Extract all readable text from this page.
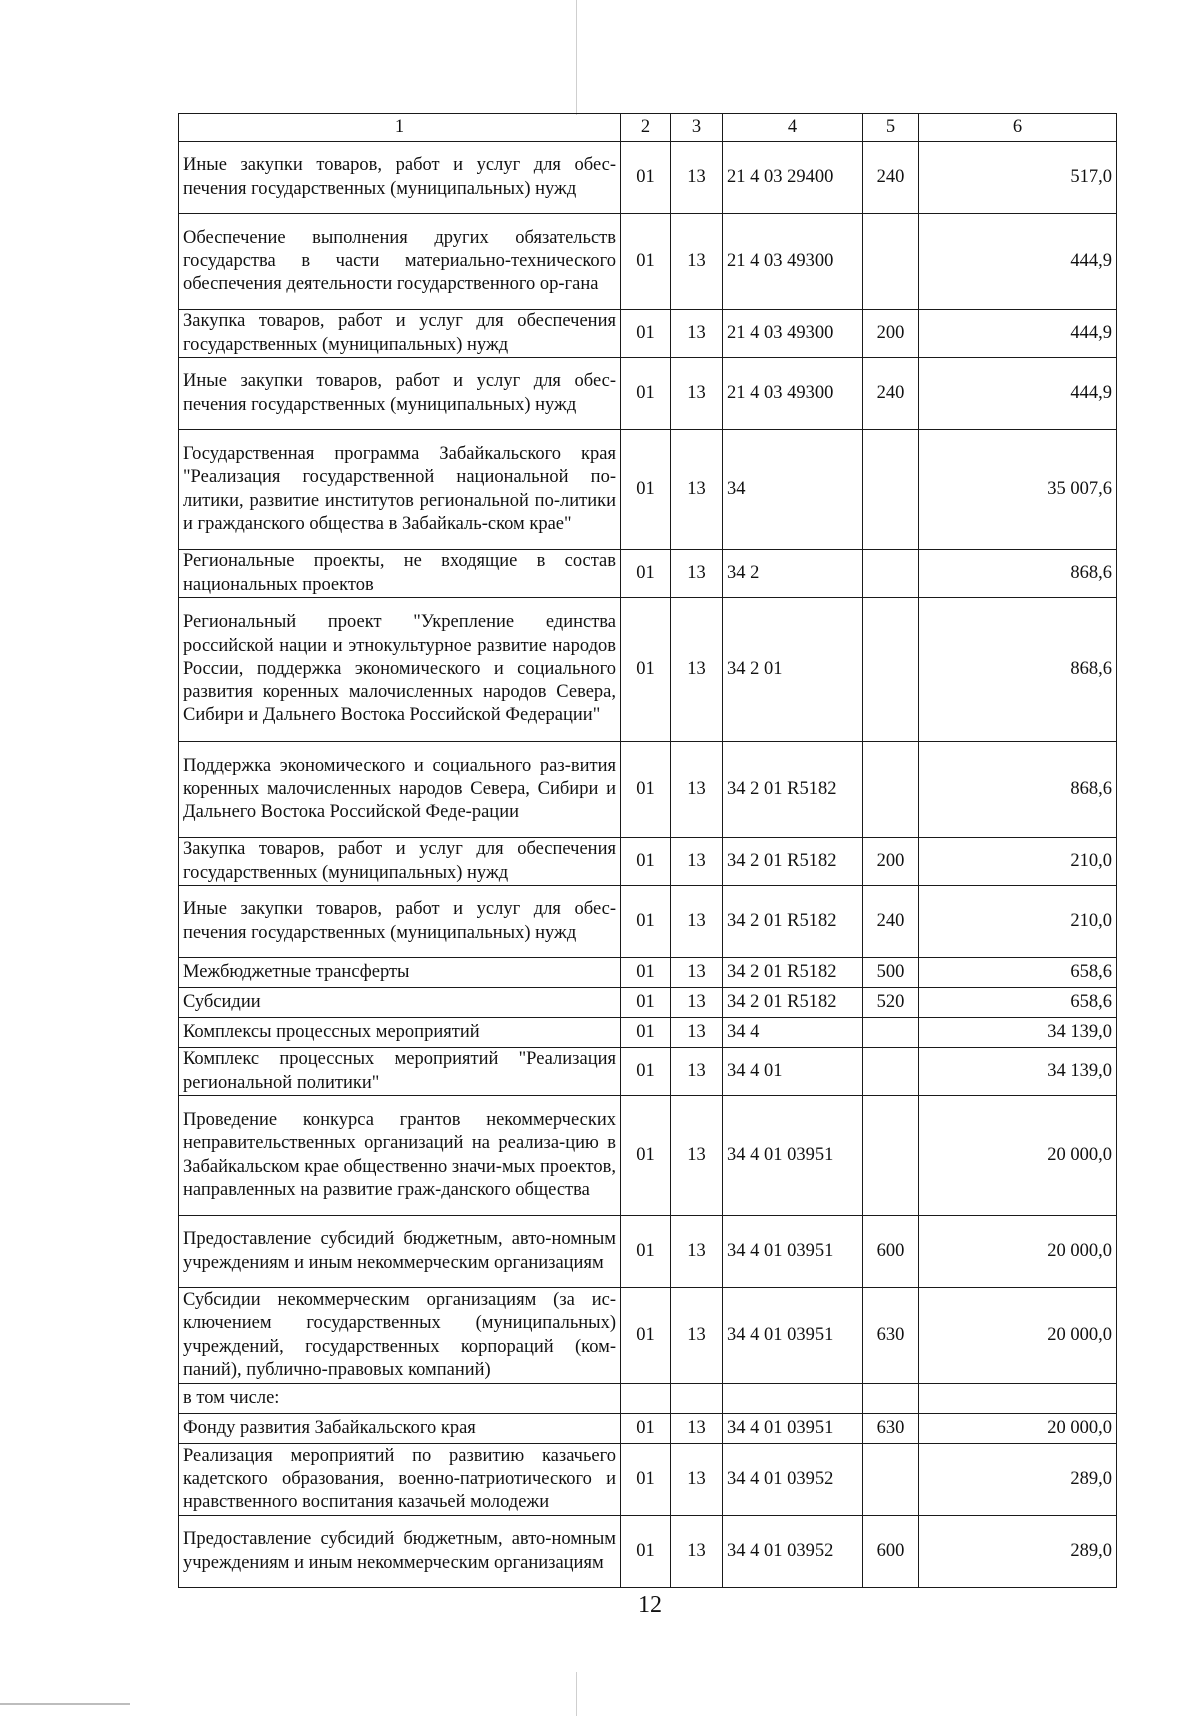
1	2	3	4	5	6
Иные закупки товаров, работ и услуг для обес-печения государственных (муниципальных) нужд	01	13	21 4 03 29400	240	517,0
Обеспечение выполнения других обязательств государства в части материально-технического обеспечения деятельности государственного ор-гана	01	13	21 4 03 49300		444,9
Закупка товаров, работ и услуг для обеспечения государственных (муниципальных) нужд	01	13	21 4 03 49300	200	444,9
Иные закупки товаров, работ и услуг для обес-печения государственных (муниципальных) нужд	01	13	21 4 03 49300	240	444,9
Государственная программа Забайкальского края "Реализация государственной национальной по-литики, развитие институтов региональной по-литики и гражданского общества в Забайкаль-ском крае"	01	13	34		35 007,6
Региональные проекты, не входящие в состав национальных проектов	01	13	34 2		868,6
Региональный проект "Укрепление единства российской нации и этнокультурное развитие народов России, поддержка экономического и социального развития коренных малочисленных народов Севера, Сибири и Дальнего Востока Российской Федерации"	01	13	34 2 01		868,6
Поддержка экономического и социального раз-вития коренных малочисленных народов Севера, Сибири и Дальнего Востока Российской Феде-рации	01	13	34 2 01 R5182		868,6
Закупка товаров, работ и услуг для обеспечения государственных (муниципальных) нужд	01	13	34 2 01 R5182	200	210,0
Иные закупки товаров, работ и услуг для обес-печения государственных (муниципальных) нужд	01	13	34 2 01 R5182	240	210,0
Межбюджетные трансферты	01	13	34 2 01 R5182	500	658,6
Субсидии	01	13	34 2 01 R5182	520	658,6
Комплексы процессных мероприятий	01	13	34 4		34 139,0
Комплекс процессных мероприятий "Реализация региональной политики"	01	13	34 4 01		34 139,0
Проведение конкурса грантов некоммерческих неправительственных организаций на реализа-цию в Забайкальском крае общественно значи-мых проектов, направленных на развитие граж-данского общества	01	13	34 4 01 03951		20 000,0
Предоставление субсидий бюджетным, авто-номным учреждениям и иным некоммерческим организациям	01	13	34 4 01 03951	600	20 000,0
Субсидии некоммерческим организациям (за ис-ключением государственных (муниципальных) учреждений, государственных корпораций (ком-паний), публично-правовых компаний)	01	13	34 4 01 03951	630	20 000,0
в том числе:					
Фонду развития Забайкальского края	01	13	34 4 01 03951	630	20 000,0
Реализация мероприятий по развитию казачьего кадетского образования, военно-патриотического и нравственного воспитания казачьей молодежи	01	13	34 4 01 03952		289,0
Предоставление субсидий бюджетным, авто-номным учреждениям и иным некоммерческим организациям	01	13	34 4 01 03952	600	289,0
12
